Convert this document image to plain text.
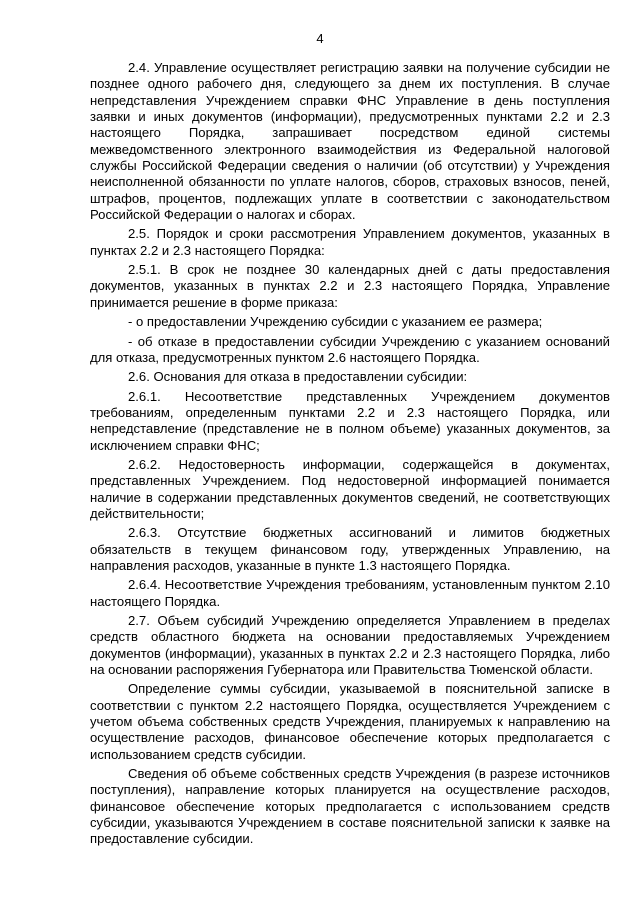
4

2.4. Управление осуществляет регистрацию заявки на получение субсидии не позднее одного рабочего дня, следующего за днем их поступления. В случае непредставления Учреждением справки ФНС Управление в день поступления заявки и иных документов (информации), предусмотренных пунктами 2.2 и 2.3 настоящего Порядка, запрашивает посредством единой системы межведомственного электронного взаимодействия из Федеральной налоговой службы Российской Федерации сведения о наличии (об отсутствии) у Учреждения неисполненной обязанности по уплате налогов, сборов, страховых взносов, пеней, штрафов, процентов, подлежащих уплате в соответствии с законодательством Российской Федерации о налогах и сборах.

2.5. Порядок и сроки рассмотрения Управлением документов, указанных в пунктах 2.2 и 2.3 настоящего Порядка:

2.5.1. В срок не позднее 30 календарных дней с даты предоставления документов, указанных в пунктах 2.2 и 2.3 настоящего Порядка, Управление принимается решение в форме приказа:

- о предоставлении Учреждению субсидии с указанием ее размера;

- об отказе в предоставлении субсидии Учреждению с указанием оснований для отказа, предусмотренных пунктом 2.6 настоящего Порядка.

2.6. Основания для отказа в предоставлении субсидии:

2.6.1. Несоответствие представленных Учреждением документов требованиям, определенным пунктами 2.2 и 2.3 настоящего Порядка, или непредставление (представление не в полном объеме) указанных документов, за исключением справки ФНС;

2.6.2. Недостоверность информации, содержащейся в документах, представленных Учреждением. Под недостоверной информацией понимается наличие в содержании представленных документов сведений, не соответствующих действительности;

2.6.3. Отсутствие бюджетных ассигнований и лимитов бюджетных обязательств в текущем финансовом году, утвержденных Управлению, на направления расходов, указанные в пункте 1.3 настоящего Порядка.

2.6.4. Несоответствие Учреждения требованиям, установленным пунктом 2.10 настоящего Порядка.

2.7. Объем субсидий Учреждению определяется Управлением в пределах средств областного бюджета на основании предоставляемых Учреждением документов (информации), указанных в пунктах 2.2 и 2.3 настоящего Порядка, либо на основании распоряжения Губернатора или Правительства Тюменской области.

Определение суммы субсидии, указываемой в пояснительной записке в соответствии с пунктом 2.2 настоящего Порядка, осуществляется Учреждением с учетом объема собственных средств Учреждения, планируемых к направлению на осуществление расходов, финансовое обеспечение которых предполагается с использованием средств субсидии.

Сведения об объеме собственных средств Учреждения (в разрезе источников поступления), направление которых планируется на осуществление расходов, финансовое обеспечение которых предполагается с использованием средств субсидии, указываются Учреждением в составе пояснительной записки к заявке на предоставление субсидии.
